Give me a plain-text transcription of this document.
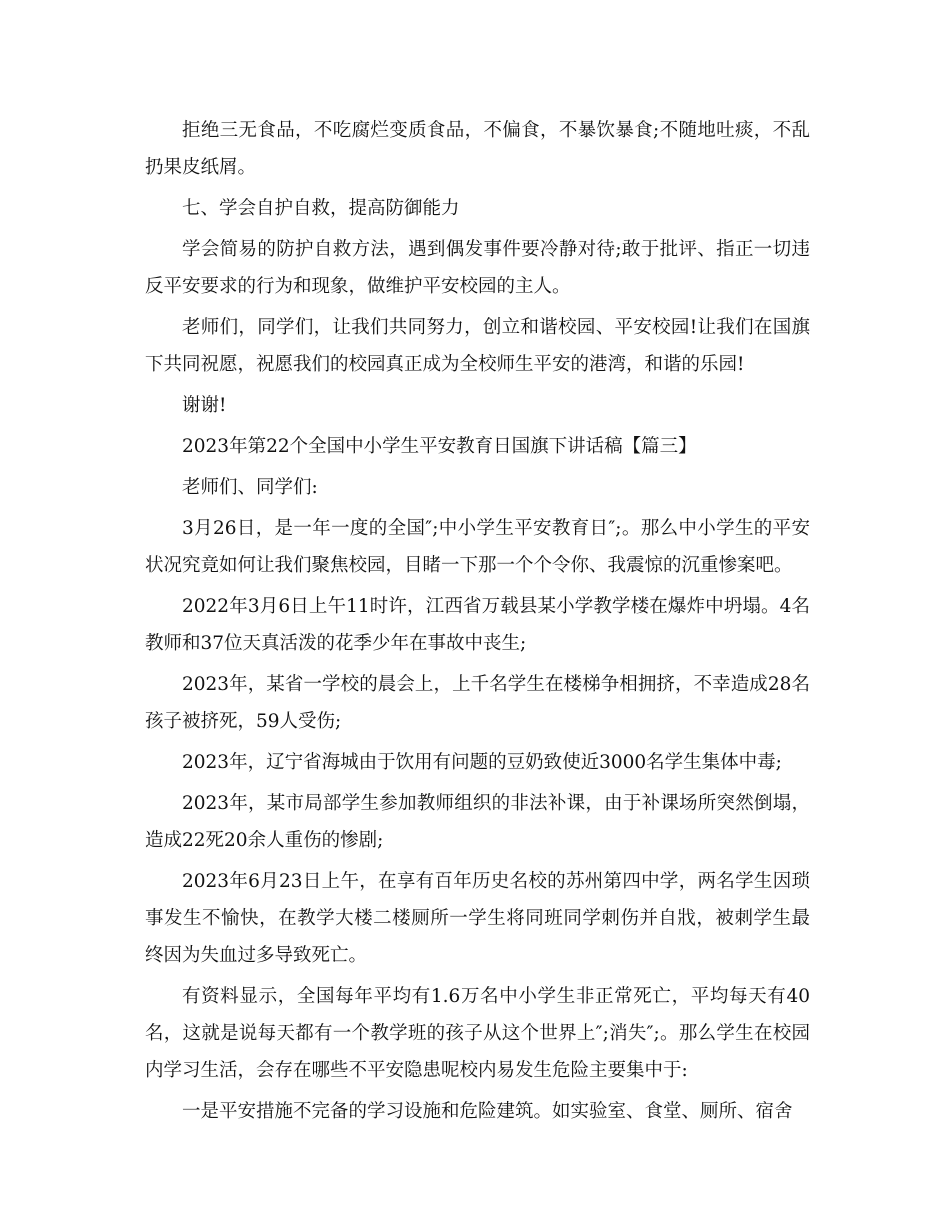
拒绝三无食品，不吃腐烂变质食品，不偏食，不暴饮暴食;不随地吐痰，不乱扔果皮纸屑。

七、学会自护自救，提高防御能力

学会简易的防护自救方法，遇到偶发事件要冷静对待;敢于批评、指正一切违反平安要求的行为和现象，做维护平安校园的主人。

老师们，同学们，让我们共同努力，创立和谐校园、平安校园!让我们在国旗下共同祝愿，祝愿我们的校园真正成为全校师生平安的港湾，和谐的乐园!

谢谢!

2023年第22个全国中小学生平安教育日国旗下讲话稿【篇三】

老师们、同学们:

3月26日，是一年一度的全国″;中小学生平安教育日″;。那么中小学生的平安状况究竟如何让我们聚焦校园，目睹一下那一个个令你、我震惊的沉重惨案吧。

2022年3月6日上午11时许，江西省万载县某小学教学楼在爆炸中坍塌。4名教师和37位天真活泼的花季少年在事故中丧生;

2023年，某省一学校的晨会上，上千名学生在楼梯争相拥挤，不幸造成28名孩子被挤死，59人受伤;

2023年，辽宁省海城由于饮用有问题的豆奶致使近3000名学生集体中毒;

2023年，某市局部学生参加教师组织的非法补课，由于补课场所突然倒塌，造成22死20余人重伤的惨剧;

2023年6月23日上午，在享有百年历史名校的苏州第四中学，两名学生因琐事发生不愉快，在教学大楼二楼厕所一学生将同班同学刺伤并自戕，被刺学生最终因为失血过多导致死亡。

有资料显示，全国每年平均有1.6万名中小学生非正常死亡，平均每天有40名，这就是说每天都有一个教学班的孩子从这个世界上″;消失″;。那么学生在校园内学习生活，会存在哪些不平安隐患呢校内易发生危险主要集中于:

一是平安措施不完备的学习设施和危险建筑。如实验室、食堂、厕所、宿舍
